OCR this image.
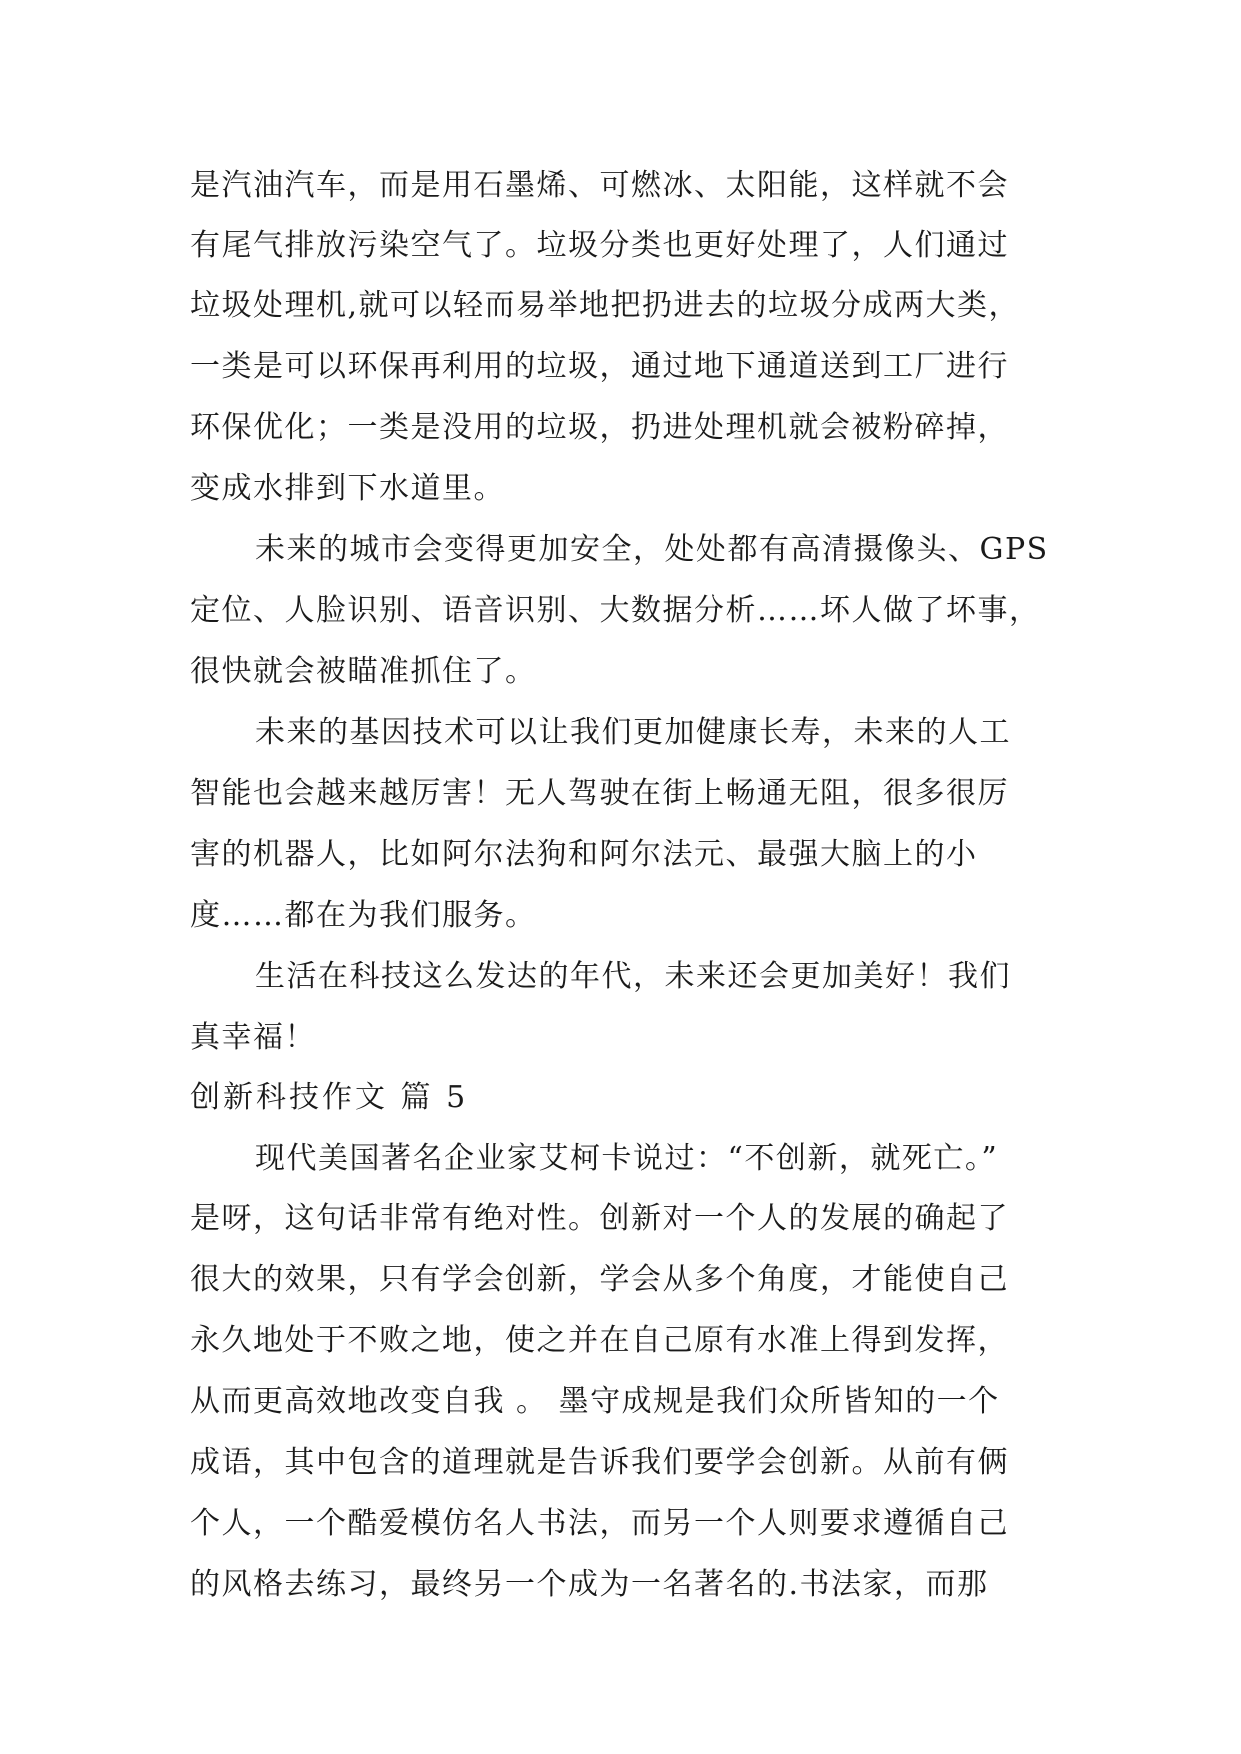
是汽油汽车，而是用石墨烯、可燃冰、太阳能，这样就不会
有尾气排放污染空气了。垃圾分类也更好处理了，人们通过
垃圾处理机,就可以轻而易举地把扔进去的垃圾分成两大类，
一类是可以环保再利用的垃圾，通过地下通道送到工厂进行
环保优化；一类是没用的垃圾，扔进处理机就会被粉碎掉，
变成水排到下水道里。
未来的城市会变得更加安全，处处都有高清摄像头、GPS
定位、人脸识别、语音识别、大数据分析……坏人做了坏事，
很快就会被瞄准抓住了。
未来的基因技术可以让我们更加健康长寿，未来的人工
智能也会越来越厉害！无人驾驶在街上畅通无阻，很多很厉
害的机器人，比如阿尔法狗和阿尔法元、最强大脑上的小
度……都在为我们服务。
生活在科技这么发达的年代，未来还会更加美好！我们
真幸福！
创新科技作文 篇 5
现代美国著名企业家艾柯卡说过：“不创新，就死亡。”
是呀，这句话非常有绝对性。创新对一个人的发展的确起了
很大的效果，只有学会创新，学会从多个角度，才能使自己
永久地处于不败之地，使之并在自己原有水准上得到发挥，
从而更高效地改变自我 。 墨守成规是我们众所皆知的一个
成语，其中包含的道理就是告诉我们要学会创新。从前有俩
个人，一个酷爱模仿名人书法，而另一个人则要求遵循自己
的风格去练习，最终另一个成为一名著名的.书法家，而那
